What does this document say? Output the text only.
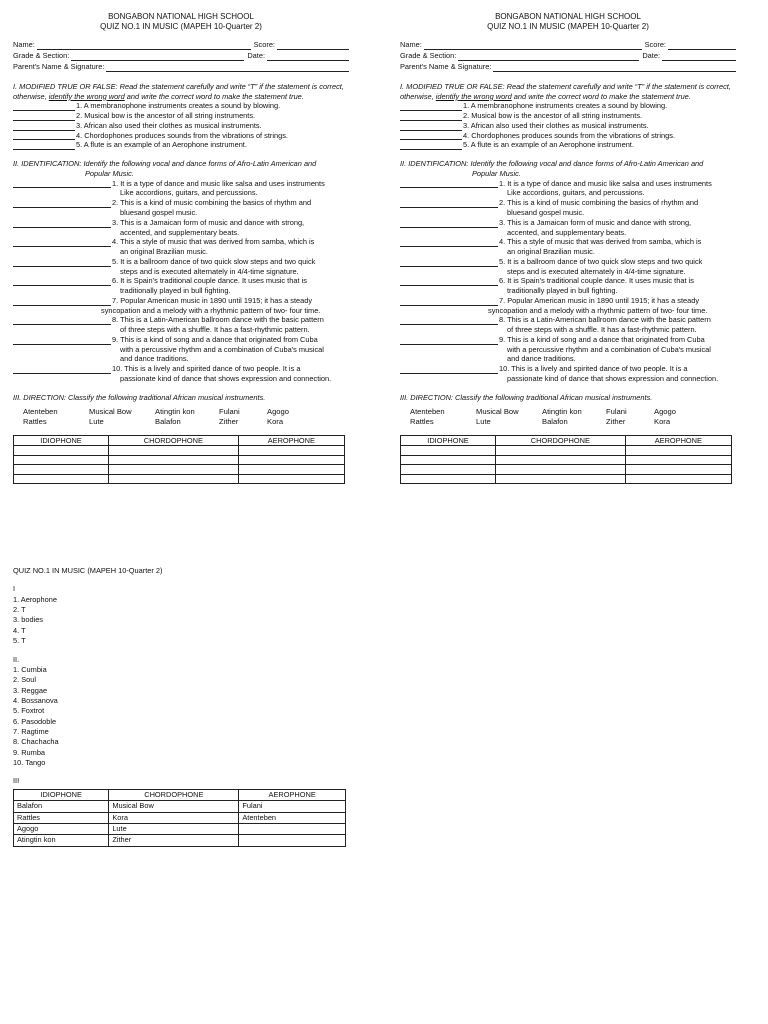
BONGABON NATIONAL HIGH SCHOOL
QUIZ NO.1 IN MUSIC (MAPEH 10-Quarter 2)
Name:	Score:
Grade & Section:	Date:
Parent's Name & Signature:
I. MODIFIED TRUE OR FALSE: Read the statement carefully and write “T” if the statement is correct, otherwise, identify the wrong word and write the correct word to make the statement true.
1. A membranophone instruments creates a sound by blowing.
2. Musical bow is the ancestor of all string instruments.
3. African also used their clothes as musical instruments.
4. Chordophones produces sounds from the vibrations of strings.
5. A flute is an example of an Aerophone instrument.
II. IDENTIFICATION: Identify the following vocal and dance forms of Afro-Latin American and
Popular Music.
1. It is a type of dance and music like salsa and uses instruments
Like accordions, guitars, and percussions.
2. This is a kind of music combining the basics of rhythm and
bluesand gospel music.
3. This is a Jamaican form of music and dance with strong,
accented, and supplementary beats.
4. This a style of music that was derived from samba, which is
an original Brazilian music.
5. It is a ballroom dance of two quick slow steps and two quick
steps and is executed alternately in 4/4-time signature.
6. It is Spain's traditional couple dance. It uses music that is
traditionally played in bull fighting.
7. Popular American music in 1890 until 1915; it has a steady
syncopation and a melody with a rhythmic pattern of two- four time.
8. This is a Latin-American ballroom dance with the basic pattern
of three steps with a shuffle. It has a fast-rhythmic pattern.
9. This is a kind of song and a dance that originated from Cuba
with a percussive rhythm and a combination of Cuba's musical
and dance traditions.
10. This is a lively and spirited dance of two people. It is a
passionate kind of dance that shows expression and connection.
III. DIRECTION: Classify the following traditional African musical instruments.
Atenteben	Musical Bow	Atingtin kon	Fulani	Agogo
Rattles	Lute	Balafon	Zither	Kora
IDIOPHONE	CHORDOPHONE	AEROPHONE

BONGABON NATIONAL HIGH SCHOOL
QUIZ NO.1 IN MUSIC (MAPEH 10-Quarter 2)
Name:	Score:
Grade & Section:	Date:
Parent's Name & Signature:
I. MODIFIED TRUE OR FALSE: Read the statement carefully and write “T” if the statement is correct, otherwise, identify the wrong word and write the correct word to make the statement true.
1. A membranophone instruments creates a sound by blowing.
2. Musical bow is the ancestor of all string instruments.
3. African also used their clothes as musical instruments.
4. Chordophones produces sounds from the vibrations of strings.
5. A flute is an example of an Aerophone instrument.
II. IDENTIFICATION: Identify the following vocal and dance forms of Afro-Latin American and
Popular Music.
1. It is a type of dance and music like salsa and uses instruments
Like accordions, guitars, and percussions.
2. This is a kind of music combining the basics of rhythm and
bluesand gospel music.
3. This is a Jamaican form of music and dance with strong,
accented, and supplementary beats.
4. This a style of music that was derived from samba, which is
an original Brazilian music.
5. It is a ballroom dance of two quick slow steps and two quick
steps and is executed alternately in 4/4-time signature.
6. It is Spain's traditional couple dance. It uses music that is
traditionally played in bull fighting.
7. Popular American music in 1890 until 1915; it has a steady
syncopation and a melody with a rhythmic pattern of two- four time.
8. This is a Latin-American ballroom dance with the basic pattern
of three steps with a shuffle. It has a fast-rhythmic pattern.
9. This is a kind of song and a dance that originated from Cuba
with a percussive rhythm and a combination of Cuba's musical
and dance traditions.
10. This is a lively and spirited dance of two people. It is a
passionate kind of dance that shows expression and connection.
III. DIRECTION: Classify the following traditional African musical instruments.
Atenteben	Musical Bow	Atingtin kon	Fulani	Agogo
Rattles	Lute	Balafon	Zither	Kora
IDIOPHONE	CHORDOPHONE	AEROPHONE

QUIZ NO.1 IN MUSIC (MAPEH 10-Quarter 2)
I
1. Aerophone
2. T
3. bodies
4. T
5. T
II.
1. Cumbia
2. Soul
3. Reggae
4. Bossanova
5. Foxtrot
6. Pasodoble
7. Ragtime
8. Chachacha
9. Rumba
10. Tango
III
IDIOPHONE	CHORDOPHONE	AEROPHONE
Balafon	Musical Bow	Fulani
Rattles	Kora	Atenteben
Agogo	Lute	
Atingtin kon	Zither	
